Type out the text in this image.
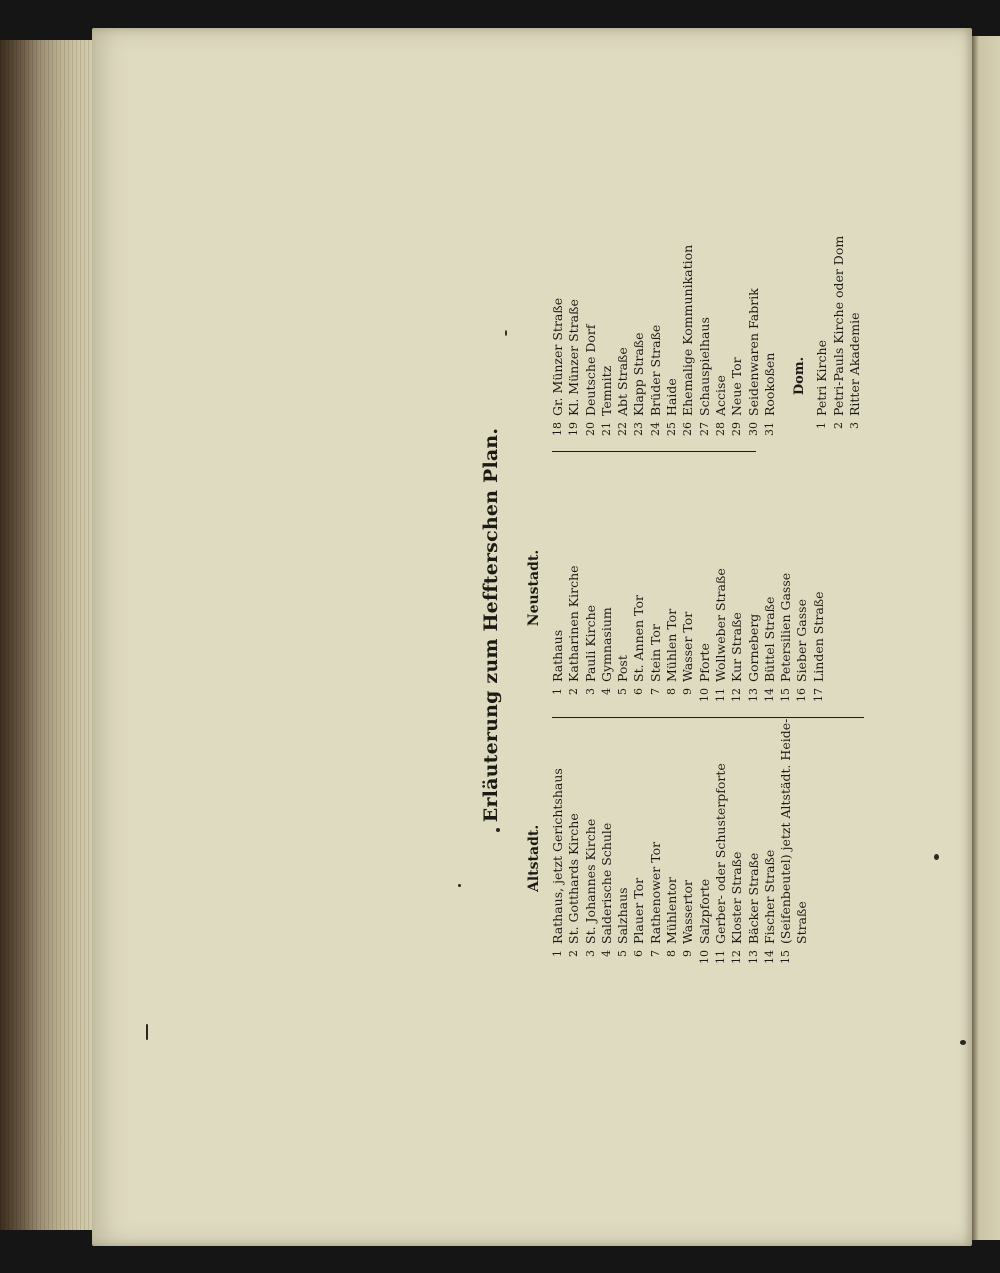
Erläuterung zum Heffterschen Plan.
Altstadt.
1
Rathaus, jetzt Gerichtshaus
2
St. Gotthards Kirche
3
St. Johannes Kirche
4
Salderische Schule
5
Salzhaus
6
Plauer Tor
7
Rathenower Tor
8
Mühlentor
9
Wassertor
10
Salzpforte
11
Gerber- oder Schusterpforte
12
Kloster Straße
13
Bäcker Straße
14
Fischer Straße
15
(Seifenbeutel) jetzt Altstädt. Heide- Straße
Neustadt.
1
Rathaus
2
Katharinen Kirche
3
Pauli Kirche
4
Gymnasium
5
Post
6
St. Annen Tor
7
Stein Tor
8
Mühlen Tor
9
Wasser Tor
10
Pforte
11
Wollweber Straße
12
Kur Straße
13
Gorneberg
14
Büttel Straße
15
Petersilien Gasse
16
Sieber Gasse
17
Linden Straße
18
Gr. Münzer Straße
19
Kl. Münzer Straße
20
Deutsche Dorf
21
Temnitz
22
Abt Straße
23
Klapp Straße
24
Brüder Straße
25
Haide
26
Ehemalige Kommunikation
27
Schauspielhaus
28
Accise
29
Neue Tor
30
Seidenwaren Fabrik
31
Rookoßen Dom.
1
Petri Kirche
2
Petri-Pauls Kirche oder Dom
3
Ritter Akademie
